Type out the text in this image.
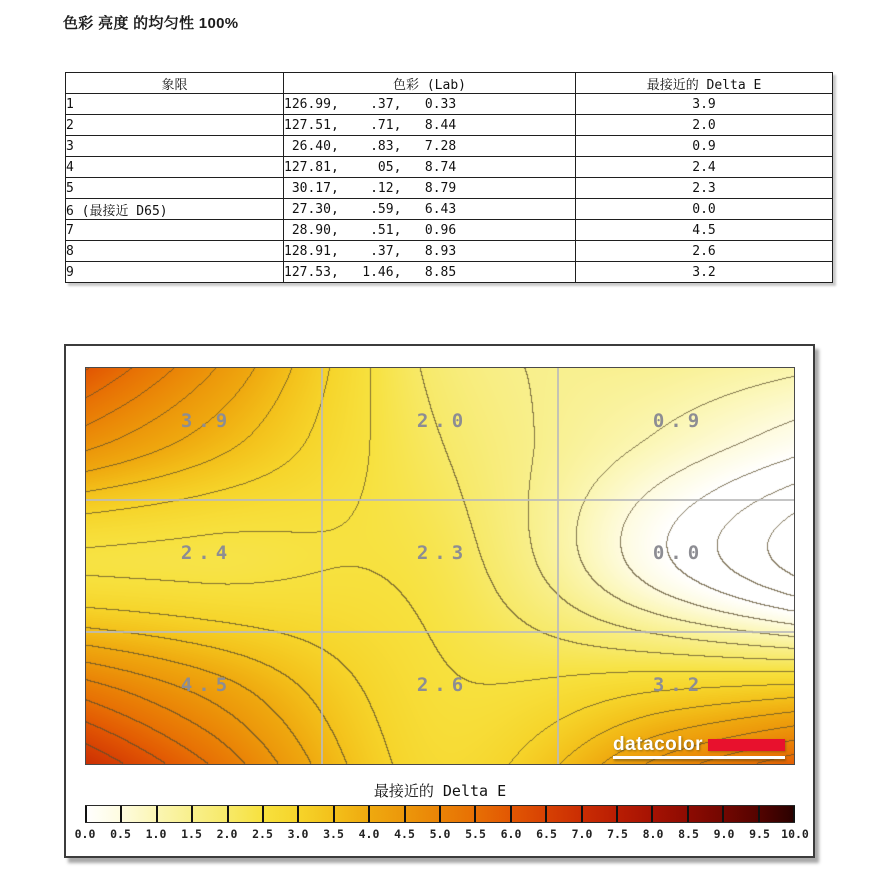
色彩 亮度 的均匀性 100%
象限	色彩 (Lab)	最接近的 Delta E
1	126.99,    .37,   0.33	3.9
2	127.51,    .71,   8.44	2.0
3	26.40,    .83,   7.28	0.9
4	127.81,     05,   8.74	2.4
5	30.17,    .12,   8.79	2.3
6 (最接近 D65)	27.30,    .59,   6.43	0.0
7	28.90,    .51,   0.96	4.5
8	128.91,    .37,   8.93	2.6
9	127.53,   1.46,   8.85	3.2
3.9	2.0	0.9
2.4	2.3	0.0
4.5	2.6	3.2
datacolor
最接近的 Delta E
0.0 0.5 1.0 1.5 2.0 2.5 3.0 3.5 4.0 4.5 5.0 5.5 6.0 6.5 7.0 7.5 8.0 8.5 9.0 9.5 10.0
